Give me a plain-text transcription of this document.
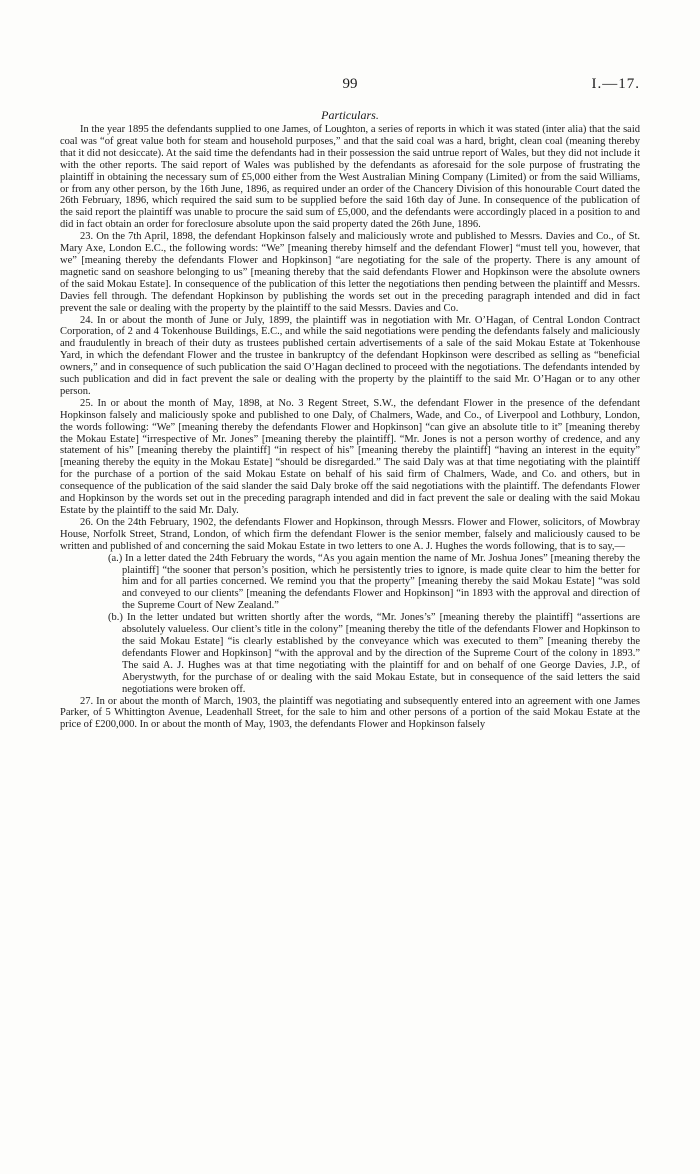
99	I.—17.
Particulars.

In the year 1895 the defendants supplied to one James, of Loughton, a series of reports in which it was stated (inter alia) that the said coal was “of great value both for steam and household purposes,” and that the said coal was a hard, bright, clean coal (meaning thereby that it did not desiccate). At the said time the defendants had in their possession the said untrue report of Wales, but they did not include it with the other reports. The said report of Wales was published by the defendants as aforesaid for the sole purpose of frustrating the plaintiff in obtaining the necessary sum of £5,000 either from the West Australian Mining Company (Limited) or from the said Williams, or from any other person, by the 16th June, 1896, as required under an order of the Chancery Division of this honourable Court dated the 26th February, 1896, which required the said sum to be supplied before the said 16th day of June. In consequence of the publication of the said report the plaintiff was unable to procure the said sum of £5,000, and the defendants were accordingly placed in a position to and did in fact obtain an order for foreclosure absolute upon the said property dated the 26th June, 1896.

23. On the 7th April, 1898, the defendant Hopkinson falsely and maliciously wrote and published to Messrs. Davies and Co., of St. Mary Axe, London E.C., the following words: “We” [meaning thereby himself and the defendant Flower] “must tell you, however, that we” [meaning thereby the defendants Flower and Hopkinson] “are negotiating for the sale of the property. There is any amount of magnetic sand on seashore belonging to us” [meaning thereby that the said defendants Flower and Hopkinson were the absolute owners of the said Mokau Estate]. In consequence of the publication of this letter the negotiations then pending between the plaintiff and Messrs. Davies fell through. The defendant Hopkinson by publishing the words set out in the preceding paragraph intended and did in fact prevent the sale or dealing with the property by the plaintiff to the said Messrs. Davies and Co.

24. In or about the month of June or July, 1899, the plaintiff was in negotiation with Mr. O’Hagan, of Central London Contract Corporation, of 2 and 4 Tokenhouse Buildings, E.C., and while the said negotiations were pending the defendants falsely and maliciously and fraudulently in breach of their duty as trustees published certain advertisements of a sale of the said Mokau Estate at Tokenhouse Yard, in which the defendant Flower and the trustee in bankruptcy of the defendant Hopkinson were described as selling as “beneficial owners,” and in consequence of such publication the said O’Hagan declined to proceed with the negotiations. The defendants intended by such publication and did in fact prevent the sale or dealing with the property by the plaintiff to the said Mr. O’Hagan or to any other person.

25. In or about the month of May, 1898, at No. 3 Regent Street, S.W., the defendant Flower in the presence of the defendant Hopkinson falsely and maliciously spoke and published to one Daly, of Chalmers, Wade, and Co., of Liverpool and Lothbury, London, the words following: “We” [meaning thereby the defendants Flower and Hopkinson] “can give an absolute title to it” [meaning thereby the Mokau Estate] “irrespective of Mr. Jones” [meaning thereby the plaintiff]. “Mr. Jones is not a person worthy of credence, and any statement of his” [meaning thereby the plaintiff] “in respect of his” [meaning thereby the plaintiff] “having an interest in the equity” [meaning thereby the equity in the Mokau Estate] “should be disregarded.” The said Daly was at that time negotiating with the plaintiff for the purchase of a portion of the said Mokau Estate on behalf of his said firm of Chalmers, Wade, and Co. and others, but in consequence of the publication of the said slander the said Daly broke off the said negotiations with the plaintiff. The defendants Flower and Hopkinson by the words set out in the preceding paragraph intended and did in fact prevent the sale or dealing with the said Mokau Estate by the plaintiff to the said Mr. Daly.

26. On the 24th February, 1902, the defendants Flower and Hopkinson, through Messrs. Flower and Flower, solicitors, of Mowbray House, Norfolk Street, Strand, London, of which firm the defendant Flower is the senior member, falsely and maliciously caused to be written and published of and concerning the said Mokau Estate in two letters to one A. J. Hughes the words following, that is to say,—

(a.) In a letter dated the 24th February the words, “As you again mention the name of Mr. Joshua Jones” [meaning thereby the plaintiff] “the sooner that person’s position, which he persistently tries to ignore, is made quite clear to him the better for him and for all parties concerned. We remind you that the property” [meaning thereby the said Mokau Estate] “was sold and conveyed to our clients” [meaning the defendants Flower and Hopkinson] “in 1893 with the approval and direction of the Supreme Court of New Zealand.”

(b.) In the letter undated but written shortly after the words, “Mr. Jones’s” [meaning thereby the plaintiff] “assertions are absolutely valueless. Our client’s title in the colony” [meaning thereby the title of the defendants Flower and Hopkinson to the said Mokau Estate] “is clearly established by the conveyance which was executed to them” [meaning thereby the defendants Flower and Hopkinson] “with the approval and by the direction of the Supreme Court of the colony in 1893.” The said A. J. Hughes was at that time negotiating with the plaintiff for and on behalf of one George Davies, J.P., of Aberystwyth, for the purchase of or dealing with the said Mokau Estate, but in consequence of the said letters the said negotiations were broken off.

27. In or about the month of March, 1903, the plaintiff was negotiating and subsequently entered into an agreement with one James Parker, of 5 Whittington Avenue, Leadenhall Street, for the sale to him and other persons of a portion of the said Mokau Estate at the price of £200,000. In or about the month of May, 1903, the defendants Flower and Hopkinson falsely
